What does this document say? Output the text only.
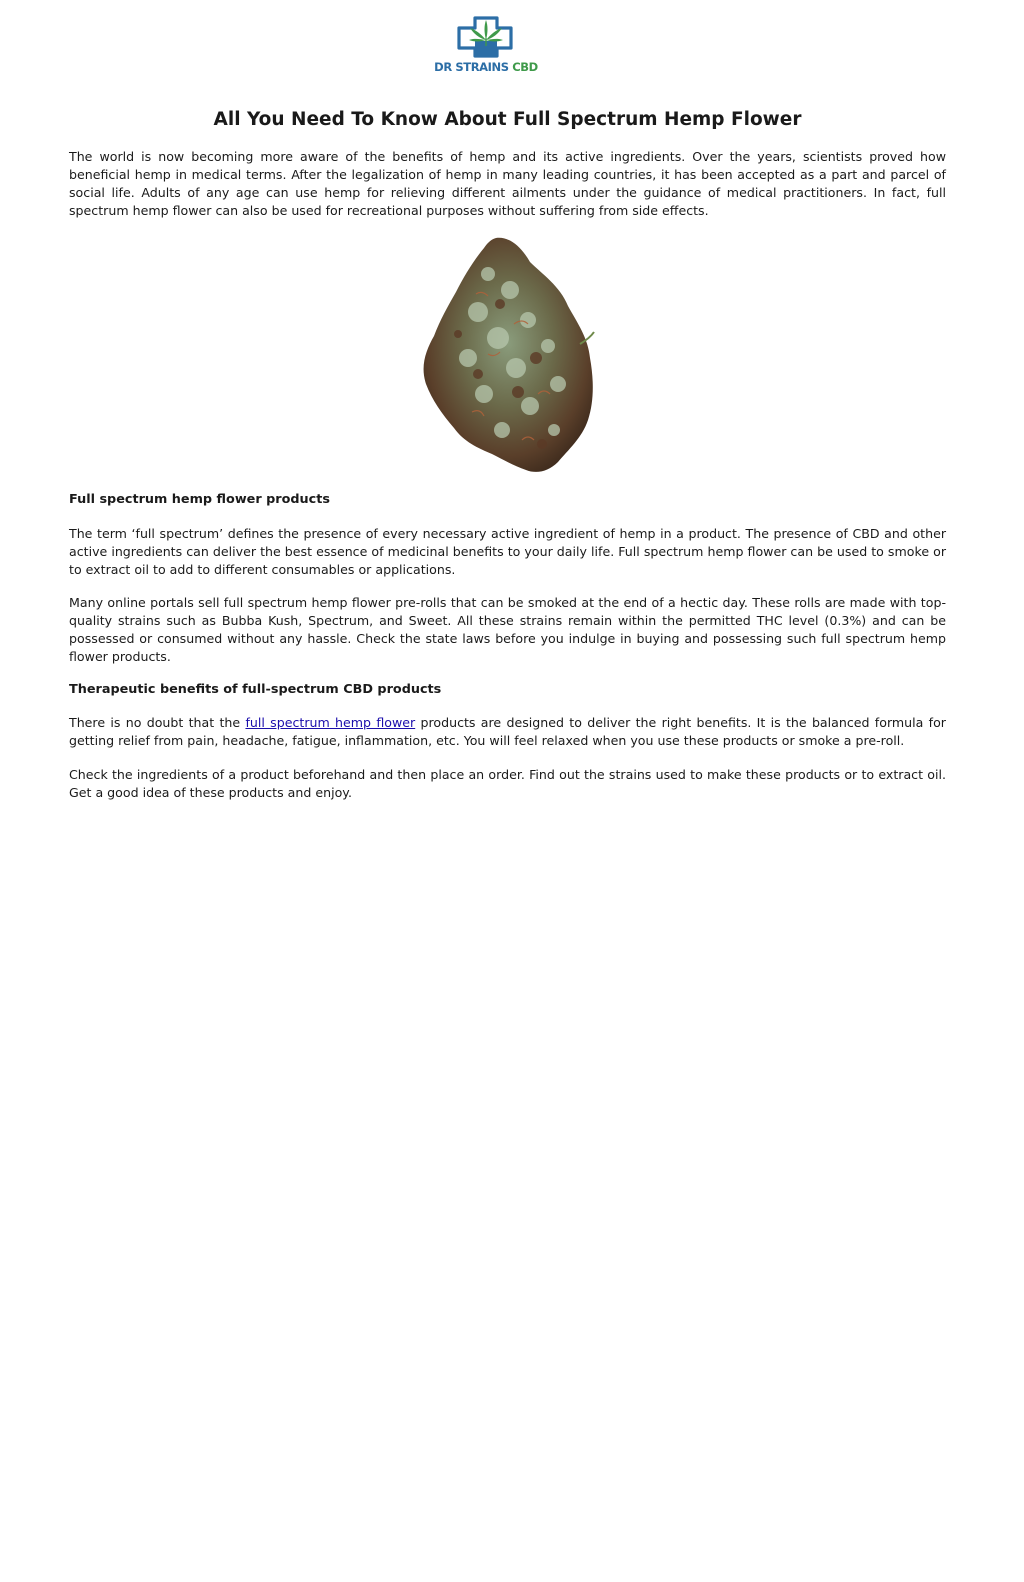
DR STRAINS CBD
All You Need To Know About Full Spectrum Hemp Flower

The world is now becoming more aware of the benefits of hemp and its active ingredients. Over the years, scientists proved how beneficial hemp in medical terms. After the legalization of hemp in many leading countries, it has been accepted as a part and parcel of social life. Adults of any age can use hemp for relieving different ailments under the guidance of medical practitioners. In fact, full spectrum hemp flower can also be used for recreational purposes without suffering from side effects.

Full spectrum hemp flower products

The term ‘full spectrum’ defines the presence of every necessary active ingredient of hemp in a product. The presence of CBD and other active ingredients can deliver the best essence of medicinal benefits to your daily life. Full spectrum hemp flower can be used to smoke or to extract oil to add to different consumables or applications.

Many online portals sell full spectrum hemp flower pre-rolls that can be smoked at the end of a hectic day. These rolls are made with top-quality strains such as Bubba Kush, Spectrum, and Sweet. All these strains remain within the permitted THC level (0.3%) and can be possessed or consumed without any hassle. Check the state laws before you indulge in buying and possessing such full spectrum hemp flower products.

Therapeutic benefits of full-spectrum CBD products

There is no doubt that the full spectrum hemp flower products are designed to deliver the right benefits. It is the balanced formula for getting relief from pain, headache, fatigue, inflammation, etc. You will feel relaxed when you use these products or smoke a pre-roll.

Check the ingredients of a product beforehand and then place an order. Find out the strains used to make these products or to extract oil. Get a good idea of these products and enjoy.
